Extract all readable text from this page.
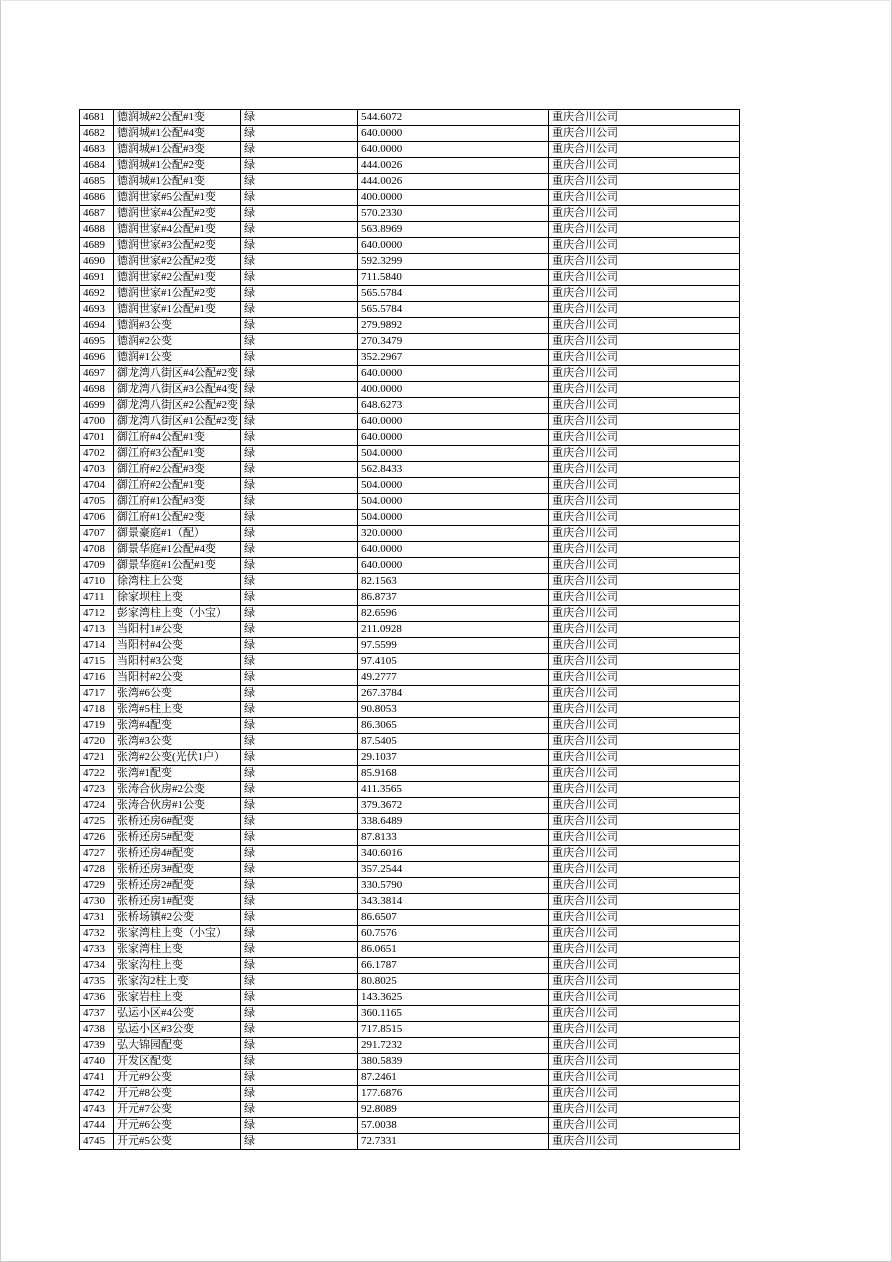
4681	德润城#2公配#1变	绿	544.6072	重庆合川公司
4682	德润城#1公配#4变	绿	640.0000	重庆合川公司
4683	德润城#1公配#3变	绿	640.0000	重庆合川公司
4684	德润城#1公配#2变	绿	444.0026	重庆合川公司
4685	德润城#1公配#1变	绿	444.0026	重庆合川公司
4686	德润世家#5公配#1变	绿	400.0000	重庆合川公司
4687	德润世家#4公配#2变	绿	570.2330	重庆合川公司
4688	德润世家#4公配#1变	绿	563.8969	重庆合川公司
4689	德润世家#3公配#2变	绿	640.0000	重庆合川公司
4690	德润世家#2公配#2变	绿	592.3299	重庆合川公司
4691	德润世家#2公配#1变	绿	711.5840	重庆合川公司
4692	德润世家#1公配#2变	绿	565.5784	重庆合川公司
4693	德润世家#1公配#1变	绿	565.5784	重庆合川公司
4694	德润#3公变	绿	279.9892	重庆合川公司
4695	德润#2公变	绿	270.3479	重庆合川公司
4696	德润#1公变	绿	352.2967	重庆合川公司
4697	御龙湾八街区#4公配#2变	绿	640.0000	重庆合川公司
4698	御龙湾八街区#3公配#4变	绿	400.0000	重庆合川公司
4699	御龙湾八街区#2公配#2变	绿	648.6273	重庆合川公司
4700	御龙湾八街区#1公配#2变	绿	640.0000	重庆合川公司
4701	御江府#4公配#1变	绿	640.0000	重庆合川公司
4702	御江府#3公配#1变	绿	504.0000	重庆合川公司
4703	御江府#2公配#3变	绿	562.8433	重庆合川公司
4704	御江府#2公配#1变	绿	504.0000	重庆合川公司
4705	御江府#1公配#3变	绿	504.0000	重庆合川公司
4706	御江府#1公配#2变	绿	504.0000	重庆合川公司
4707	御景豪庭#1（配）	绿	320.0000	重庆合川公司
4708	御景华庭#1公配#4变	绿	640.0000	重庆合川公司
4709	御景华庭#1公配#1变	绿	640.0000	重庆合川公司
4710	徐湾柱上公变	绿	82.1563	重庆合川公司
4711	徐家坝柱上变	绿	86.8737	重庆合川公司
4712	彭家湾柱上变（小宝）	绿	82.6596	重庆合川公司
4713	当阳村1#公变	绿	211.0928	重庆合川公司
4714	当阳村#4公变	绿	97.5599	重庆合川公司
4715	当阳村#3公变	绿	97.4105	重庆合川公司
4716	当阳村#2公变	绿	49.2777	重庆合川公司
4717	张湾#6公变	绿	267.3784	重庆合川公司
4718	张湾#5柱上变	绿	90.8053	重庆合川公司
4719	张湾#4配变	绿	86.3065	重庆合川公司
4720	张湾#3公变	绿	87.5405	重庆合川公司
4721	张湾#2公变(光伏1户）	绿	29.1037	重庆合川公司
4722	张湾#1配变	绿	85.9168	重庆合川公司
4723	张涛合伙房#2公变	绿	411.3565	重庆合川公司
4724	张涛合伙房#1公变	绿	379.3672	重庆合川公司
4725	张桥还房6#配变	绿	338.6489	重庆合川公司
4726	张桥还房5#配变	绿	87.8133	重庆合川公司
4727	张桥还房4#配变	绿	340.6016	重庆合川公司
4728	张桥还房3#配变	绿	357.2544	重庆合川公司
4729	张桥还房2#配变	绿	330.5790	重庆合川公司
4730	张桥还房1#配变	绿	343.3814	重庆合川公司
4731	张桥场镇#2公变	绿	86.6507	重庆合川公司
4732	张家湾柱上变（小宝）	绿	60.7576	重庆合川公司
4733	张家湾柱上变	绿	86.0651	重庆合川公司
4734	张家沟柱上变	绿	66.1787	重庆合川公司
4735	张家沟2柱上变	绿	80.8025	重庆合川公司
4736	张家岩柱上变	绿	143.3625	重庆合川公司
4737	弘运小区#4公变	绿	360.1165	重庆合川公司
4738	弘运小区#3公变	绿	717.8515	重庆合川公司
4739	弘大锦园配变	绿	291.7232	重庆合川公司
4740	开发区配变	绿	380.5839	重庆合川公司
4741	开元#9公变	绿	87.2461	重庆合川公司
4742	开元#8公变	绿	177.6876	重庆合川公司
4743	开元#7公变	绿	92.8089	重庆合川公司
4744	开元#6公变	绿	57.0038	重庆合川公司
4745	开元#5公变	绿	72.7331	重庆合川公司
